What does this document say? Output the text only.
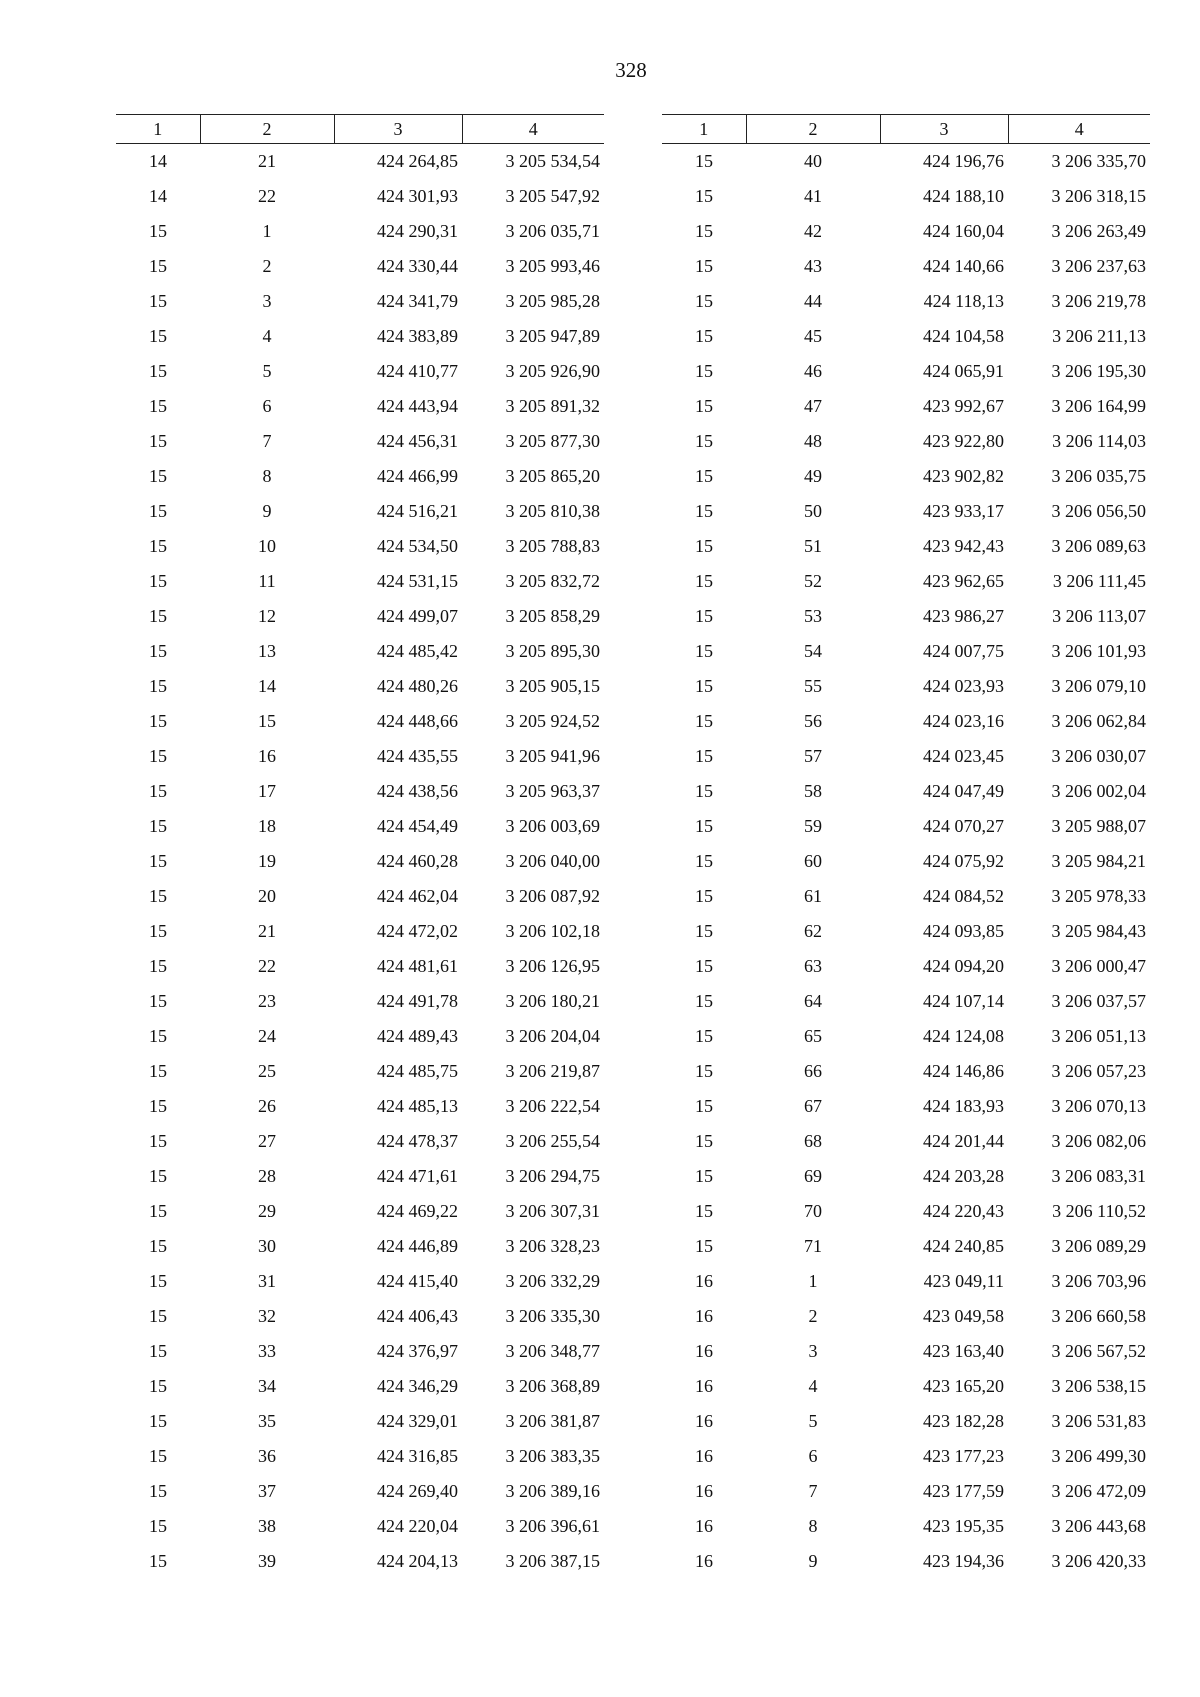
328
1	2	3	4
14	21	424 264,85	3 205 534,54
14	22	424 301,93	3 205 547,92
15	1	424 290,31	3 206 035,71
15	2	424 330,44	3 205 993,46
15	3	424 341,79	3 205 985,28
15	4	424 383,89	3 205 947,89
15	5	424 410,77	3 205 926,90
15	6	424 443,94	3 205 891,32
15	7	424 456,31	3 205 877,30
15	8	424 466,99	3 205 865,20
15	9	424 516,21	3 205 810,38
15	10	424 534,50	3 205 788,83
15	11	424 531,15	3 205 832,72
15	12	424 499,07	3 205 858,29
15	13	424 485,42	3 205 895,30
15	14	424 480,26	3 205 905,15
15	15	424 448,66	3 205 924,52
15	16	424 435,55	3 205 941,96
15	17	424 438,56	3 205 963,37
15	18	424 454,49	3 206 003,69
15	19	424 460,28	3 206 040,00
15	20	424 462,04	3 206 087,92
15	21	424 472,02	3 206 102,18
15	22	424 481,61	3 206 126,95
15	23	424 491,78	3 206 180,21
15	24	424 489,43	3 206 204,04
15	25	424 485,75	3 206 219,87
15	26	424 485,13	3 206 222,54
15	27	424 478,37	3 206 255,54
15	28	424 471,61	3 206 294,75
15	29	424 469,22	3 206 307,31
15	30	424 446,89	3 206 328,23
15	31	424 415,40	3 206 332,29
15	32	424 406,43	3 206 335,30
15	33	424 376,97	3 206 348,77
15	34	424 346,29	3 206 368,89
15	35	424 329,01	3 206 381,87
15	36	424 316,85	3 206 383,35
15	37	424 269,40	3 206 389,16
15	38	424 220,04	3 206 396,61
15	39	424 204,13	3 206 387,15
1	2	3	4
15	40	424 196,76	3 206 335,70
15	41	424 188,10	3 206 318,15
15	42	424 160,04	3 206 263,49
15	43	424 140,66	3 206 237,63
15	44	424 118,13	3 206 219,78
15	45	424 104,58	3 206 211,13
15	46	424 065,91	3 206 195,30
15	47	423 992,67	3 206 164,99
15	48	423 922,80	3 206 114,03
15	49	423 902,82	3 206 035,75
15	50	423 933,17	3 206 056,50
15	51	423 942,43	3 206 089,63
15	52	423 962,65	3 206 111,45
15	53	423 986,27	3 206 113,07
15	54	424 007,75	3 206 101,93
15	55	424 023,93	3 206 079,10
15	56	424 023,16	3 206 062,84
15	57	424 023,45	3 206 030,07
15	58	424 047,49	3 206 002,04
15	59	424 070,27	3 205 988,07
15	60	424 075,92	3 205 984,21
15	61	424 084,52	3 205 978,33
15	62	424 093,85	3 205 984,43
15	63	424 094,20	3 206 000,47
15	64	424 107,14	3 206 037,57
15	65	424 124,08	3 206 051,13
15	66	424 146,86	3 206 057,23
15	67	424 183,93	3 206 070,13
15	68	424 201,44	3 206 082,06
15	69	424 203,28	3 206 083,31
15	70	424 220,43	3 206 110,52
15	71	424 240,85	3 206 089,29
16	1	423 049,11	3 206 703,96
16	2	423 049,58	3 206 660,58
16	3	423 163,40	3 206 567,52
16	4	423 165,20	3 206 538,15
16	5	423 182,28	3 206 531,83
16	6	423 177,23	3 206 499,30
16	7	423 177,59	3 206 472,09
16	8	423 195,35	3 206 443,68
16	9	423 194,36	3 206 420,33
